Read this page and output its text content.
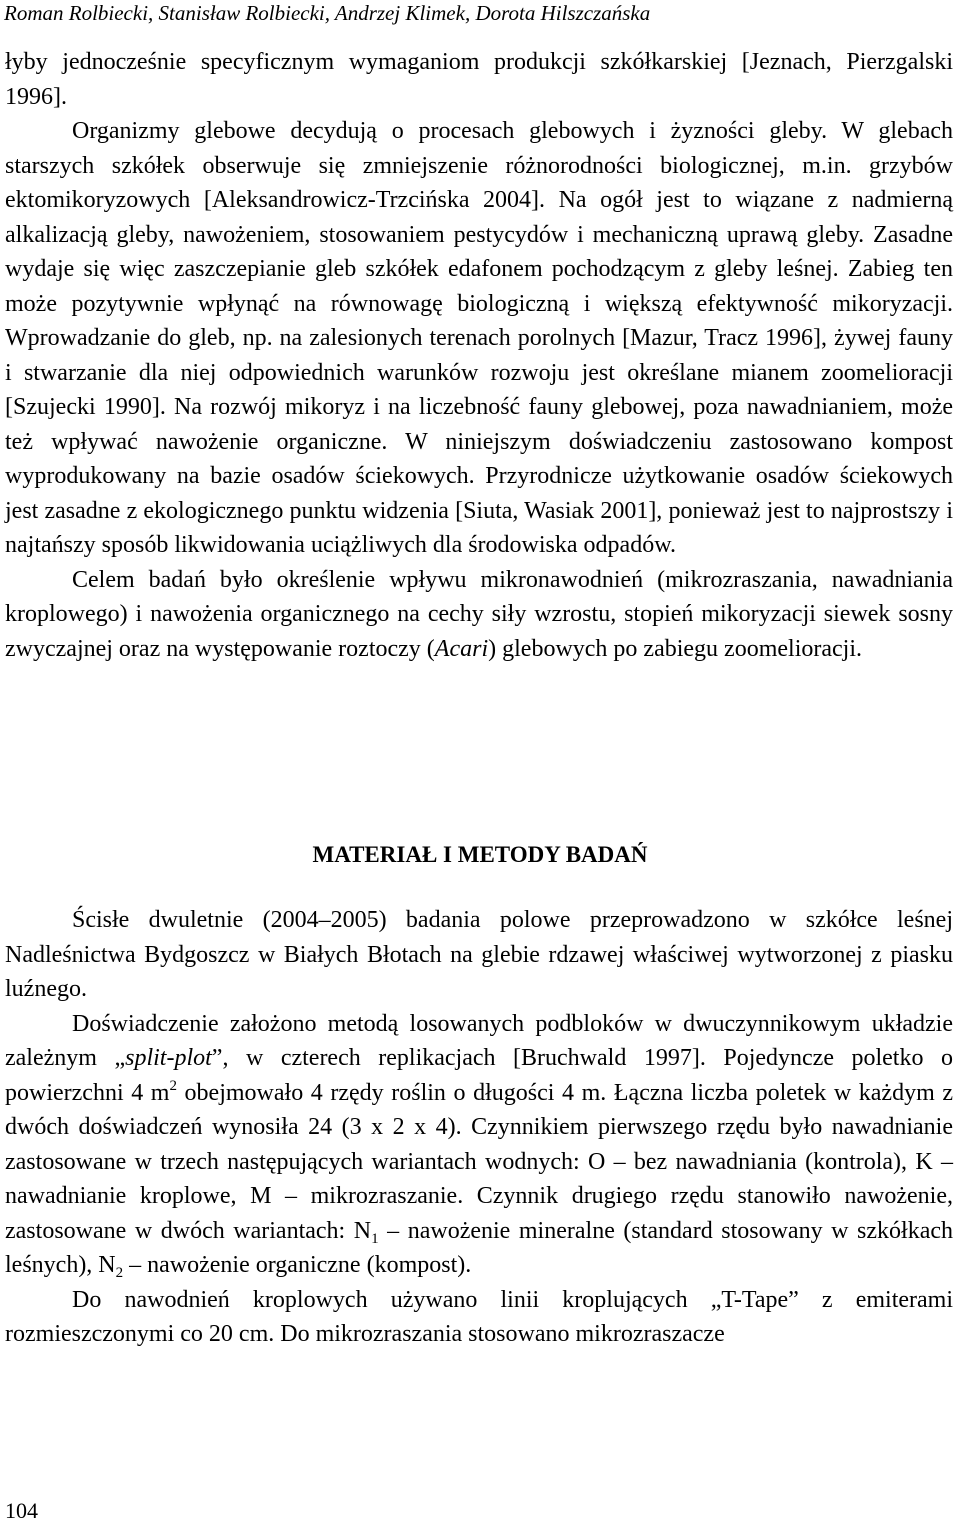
Roman Rolbiecki, Stanisław Rolbiecki, Andrzej Klimek, Dorota Hilszczańska

łyby jednocześnie specyficznym wymaganiom produkcji szkółkarskiej [Jeznach, Pierzgalski 1996].

Organizmy glebowe decydują o procesach glebowych i żyzności gleby. W glebach starszych szkółek obserwuje się zmniejszenie różnorodności biologicznej, m.in. grzybów ektomikoryzowych [Aleksandrowicz-Trzcińska 2004]. Na ogół jest to wiązane z nadmierną alkalizacją gleby, nawożeniem, stosowaniem pestycydów i mechaniczną uprawą gleby. Zasadne wydaje się więc zaszczepianie gleb szkółek edafonem pochodzącym z gleby leśnej. Zabieg ten może pozytywnie wpłynąć na równowagę biologiczną i większą efektywność mikoryzacji. Wprowadzanie do gleb, np. na zalesionych terenach porolnych [Mazur, Tracz 1996], żywej fauny i stwarzanie dla niej odpowiednich warunków rozwoju jest określane mianem zoomelioracji [Szujecki 1990]. Na rozwój mikoryz i na liczebność fauny glebowej, poza nawadnianiem, może też wpływać nawożenie organiczne. W niniejszym doświadczeniu zastosowano kompost wyprodukowany na bazie osadów ściekowych. Przyrodnicze użytkowanie osadów ściekowych jest zasadne z ekologicznego punktu widzenia [Siuta, Wasiak 2001], ponieważ jest to najprostszy i najtańszy sposób likwidowania uciążliwych dla środowiska odpadów.

Celem badań było określenie wpływu mikronawodnień (mikrozraszania, nawadniania kroplowego) i nawożenia organicznego na cechy siły wzrostu, stopień mikoryzacji siewek sosny zwyczajnej oraz na występowanie roztoczy (Acari) glebowych po zabiegu zoomelioracji.

MATERIAŁ I METODY BADAŃ

Ścisłe dwuletnie (2004–2005) badania polowe przeprowadzono w szkółce leśnej Nadleśnictwa Bydgoszcz w Białych Błotach na glebie rdzawej właściwej wytworzonej z piasku luźnego.

Doświadczenie założono metodą losowanych podbloków w dwuczynnikowym układzie zależnym „split-plot”, w czterech replikacjach [Bruchwald 1997]. Pojedyncze poletko o powierzchni 4 $m^2$ obejmowało 4 rzędy roślin o długości 4 m. Łączna liczba poletek w każdym z dwóch doświadczeń wynosiła 24 (3 x 2 x 4). Czynnikiem pierwszego rzędu było nawadnianie zastosowane w trzech następujących wariantach wodnych: O – bez nawadniania (kontrola), K – nawadnianie kroplowe, M – mikrozraszanie. Czynnik drugiego rzędu stanowiło nawożenie, zastosowane w dwóch wariantach: $N_1$ – nawożenie mineralne (standard stosowany w szkółkach leśnych), $N_2$ – nawożenie organiczne (kompost).

Do nawodnień kroplowych używano linii kroplujących „T-Tape” z emiterami rozmieszczonymi co 20 cm. Do mikrozraszania stosowano mikrozraszacze

104
